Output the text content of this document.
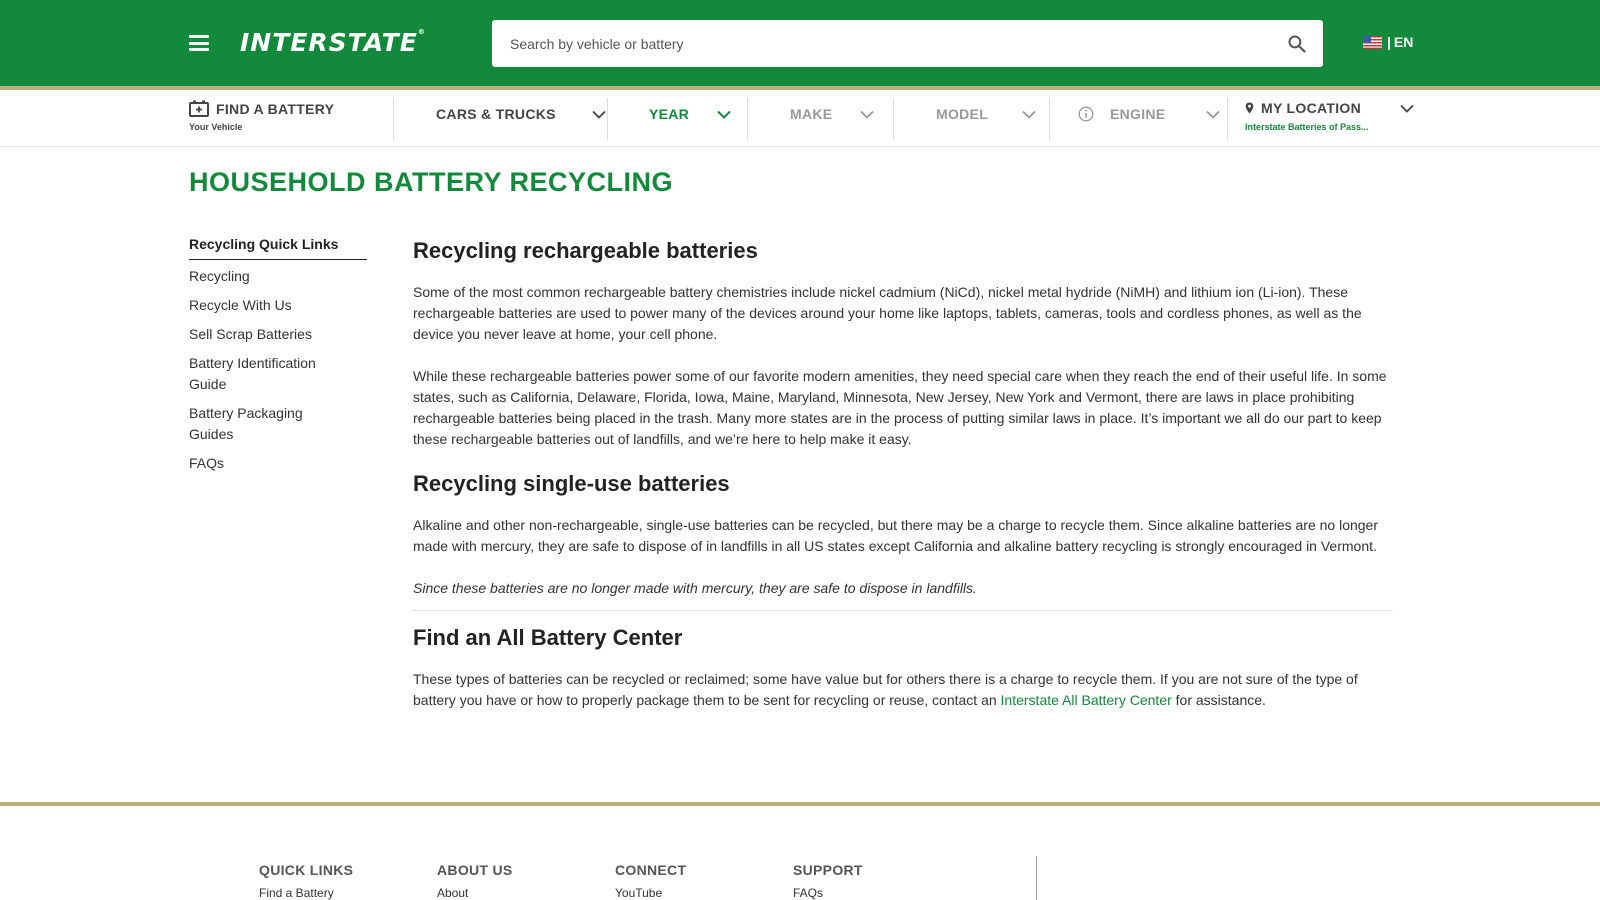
INTERSTATE®
Search by vehicle or battery
| EN
FIND A BATTERY
Your Vehicle
CARS & TRUCKS	YEAR	MAKE	MODEL	ENGINE	MY LOCATION
Interstate Batteries of Pass...
HOUSEHOLD BATTERY RECYCLING
Recycling Quick Links
Recycling
Recycle With Us
Sell Scrap Batteries
Battery Identification Guide
Battery Packaging Guides
FAQs
Recycling rechargeable batteries

Some of the most common rechargeable battery chemistries include nickel cadmium (NiCd), nickel metal hydride (NiMH) and lithium ion (Li-ion). These rechargeable batteries are used to power many of the devices around your home like laptops, tablets, cameras, tools and cordless phones, as well as the device you never leave at home, your cell phone.

While these rechargeable batteries power some of our favorite modern amenities, they need special care when they reach the end of their useful life. In some states, such as California, Delaware, Florida, Iowa, Maine, Maryland, Minnesota, New Jersey, New York and Vermont, there are laws in place prohibiting rechargeable batteries being placed in the trash. Many more states are in the process of putting similar laws in place. It’s important we all do our part to keep these rechargeable batteries out of landfills, and we’re here to help make it easy.

Recycling single-use batteries

Alkaline and other non-rechargeable, single-use batteries can be recycled, but there may be a charge to recycle them. Since alkaline batteries are no longer made with mercury, they are safe to dispose of in landfills in all US states except California and alkaline battery recycling is strongly encouraged in Vermont.

Since these batteries are no longer made with mercury, they are safe to dispose in landfills.

Find an All Battery Center

These types of batteries can be recycled or reclaimed; some have value but for others there is a charge to recycle them. If you are not sure of the type of battery you have or how to properly package them to be sent for recycling or reuse, contact an Interstate All Battery Center for assistance.

QUICK LINKS
Find a Battery
ABOUT US
About
CONNECT
YouTube
SUPPORT
FAQs
